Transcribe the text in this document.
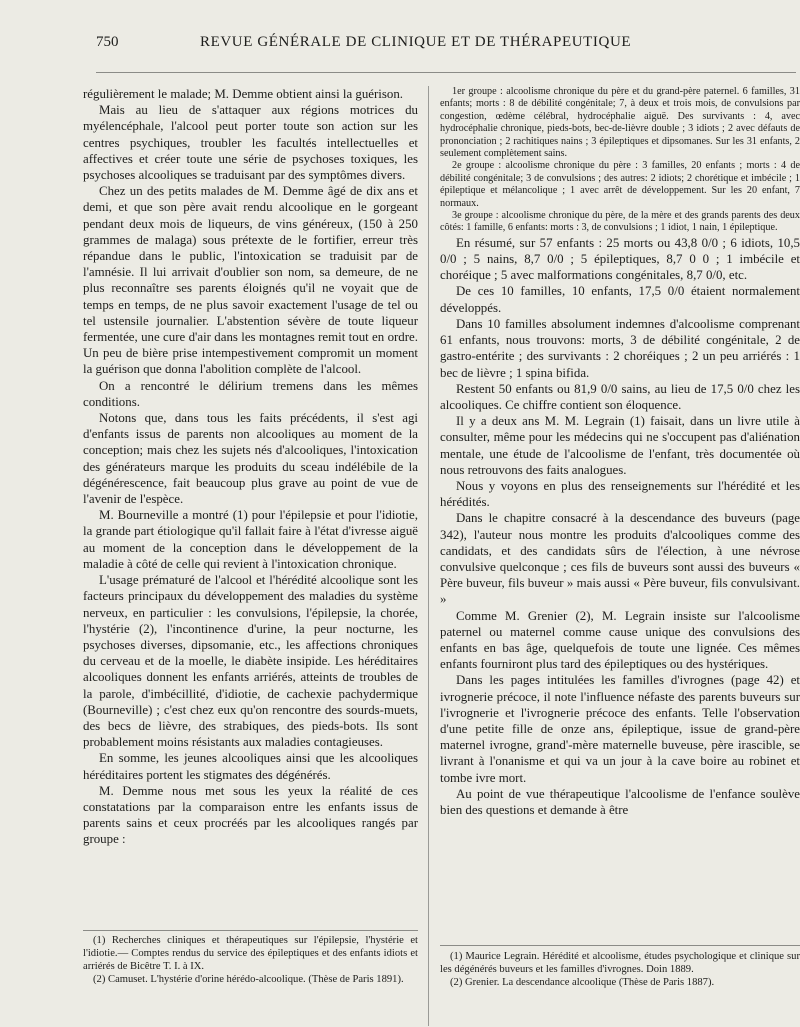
750	REVUE GÉNÉRALE DE CLINIQUE ET DE THÉRAPEUTIQUE

régulièrement le malade; M. Demme obtient ainsi la guérison.

Mais au lieu de s'attaquer aux régions motrices du myélencéphale, l'alcool peut porter toute son action sur les centres psychiques, troubler les facultés intellectuelles et affectives et créer toute une série de psychoses toxiques, les psychoses alcooliques se traduisant par des symptômes divers.

Chez un des petits malades de M. Demme âgé de dix ans et demi, et que son père avait rendu alcoolique en le gorgeant pendant deux mois de liqueurs, de vins généreux, (150 à 250 grammes de malaga) sous prétexte de le fortifier, erreur très répandue dans le public, l'intoxication se traduisit par de l'amnésie. Il lui arrivait d'oublier son nom, sa demeure, de ne plus reconnaître ses parents éloignés qu'il ne voyait que de temps en temps, de ne plus savoir exactement l'usage de tel ou tel ustensile journalier. L'abstention sévère de toute liqueur fermentée, une cure d'air dans les montagnes remit tout en ordre. Un peu de bière prise intempestivement compromit un moment la guérison que donna l'abolition complète de l'alcool.

On a rencontré le délirium tremens dans les mêmes conditions.

Notons que, dans tous les faits précédents, il s'est agi d'enfants issus de parents non alcooliques au moment de la conception; mais chez les sujets nés d'alcooliques, l'intoxication des générateurs marque les produits du sceau indélébile de la dégénérescence, fait beaucoup plus grave au point de vue de l'avenir de l'espèce.

M. Bourneville a montré (1) pour l'épilepsie et pour l'idiotie, la grande part étiologique qu'il fallait faire à l'état d'ivresse aiguë au moment de la conception dans le développement de la maladie à côté de celle qui revient à l'intoxication chronique.

L'usage prématuré de l'alcool et l'hérédité alcoolique sont les facteurs principaux du développement des maladies du système nerveux, en particulier : les convulsions, l'épilepsie, la chorée, l'hystérie (2), l'incontinence d'urine, la peur nocturne, les psychoses diverses, dipsomanie, etc., les affections chroniques du cerveau et de la moelle, le diabète insipide. Les héréditaires alcooliques donnent les enfants arriérés, atteints de troubles de la parole, d'imbécillité, d'idiotie, de cachexie pachydermique (Bourneville) ; c'est chez eux qu'on rencontre des sourds-muets, des becs de lièvre, des strabiques, des pieds-bots. Ils sont probablement moins résistants aux maladies contagieuses.

En somme, les jeunes alcooliques ainsi que les alcooliques héréditaires portent les stigmates des dégénérés.

M. Demme nous met sous les yeux la réalité de ces constatations par la comparaison entre les enfants issus de parents sains et ceux procréés par les alcooliques rangés par groupe :

1er groupe : alcoolisme chronique du père et du grand-père paternel. 6 familles, 31 enfants; morts : 8 de débilité congénitale; 7, à deux et trois mois, de convulsions par congestion, œdème célébral, hydrocéphalie aiguë. Des survivants : 4, avec hydrocéphalie chronique, pieds-bots, bec-de-lièvre double ; 3 idiots ; 2 avec défauts de prononciation ; 2 rachitiques nains ; 3 épileptiques et dipsomanes. Sur les 31 enfants, 2 seulement complètement sains.

2e groupe : alcoolisme chronique du père : 3 familles, 20 enfants ; morts : 4 de débilité congénitale; 3 de convulsions ; des autres: 2 idiots; 2 chorétique et imbécile ; 1 épileptique et mélancolique ; 1 avec arrêt de développement. Sur les 20 enfant, 7 normaux.

3e groupe : alcoolisme chronique du père, de la mère et des grands parents des deux côtés: 1 famille, 6 enfants: morts : 3, de convulsions ; 1 idiot, 1 nain, 1 épileptique.

En résumé, sur 57 enfants : 25 morts ou 43,8 0/0 ; 6 idiots, 10,5 0/0 ; 5 nains, 8,7 0/0 ; 5 épileptiques, 8,7 0 0 ; 1 imbécile et choréique ; 5 avec malformations congénitales, 8,7 0/0, etc.

De ces 10 familles, 10 enfants, 17,5 0/0 étaient normalement développés.

Dans 10 familles absolument indemnes d'alcoolisme comprenant 61 enfants, nous trouvons: morts, 3 de débilité congénitale, 2 de gastro-entérite ; des survivants : 2 choréiques ; 2 un peu arriérés : 1 bec de lièvre ; 1 spina bifida.

Restent 50 enfants ou 81,9 0/0 sains, au lieu de 17,5 0/0 chez les alcooliques. Ce chiffre contient son éloquence.

Il y a deux ans M. M. Legrain (1) faisait, dans un livre utile à consulter, même pour les médecins qui ne s'occupent pas d'aliénation mentale, une étude de l'alcoolisme de l'enfant, très documentée où nous retrouvons des faits analogues.

Nous y voyons en plus des renseignements sur l'hérédité et les hérédités.

Dans le chapitre consacré à la descendance des buveurs (page 342), l'auteur nous montre les produits d'alcooliques comme des candidats, et des candidats sûrs de l'élection, à une névrose convulsive quelconque ; ces fils de buveurs sont aussi des buveurs « Père buveur, fils buveur » mais aussi « Père buveur, fils convulsivant. »

Comme M. Grenier (2), M. Legrain insiste sur l'alcoolisme paternel ou maternel comme cause unique des convulsions des enfants en bas âge, quelquefois de toute une lignée. Ces mêmes enfants fourniront plus tard des épileptiques ou des hystériques.

Dans les pages intitulées les familles d'ivrognes (page 42) et ivrognerie précoce, il note l'influence néfaste des parents buveurs sur l'ivrognerie et l'ivrognerie précoce des enfants. Telle l'observation d'une petite fille de onze ans, épileptique, issue de grand-père maternel ivrogne, grand'-mère maternelle buveuse, père irascible, se livrant à l'onanisme et qui va un jour à la cave boire au robinet et tombe ivre mort.

Au point de vue thérapeutique l'alcoolisme de l'enfance soulève bien des questions et demande à être

(1) Recherches cliniques et thérapeutiques sur l'épilepsie, l'hystérie et l'idiotie.— Comptes rendus du service des épileptiques et des enfants idiots et arriérés de Bicêtre T. I. à IX.

(2) Camuset. L'hystérie d'orine hérédo-alcoolique. (Thèse de Paris 1891).

(1) Maurice Legrain. Hérédité et alcoolisme, études psychologique et clinique sur les dégénérés buveurs et les familles d'ivrognes. Doin 1889.

(2) Grenier. La descendance alcoolique (Thèse de Paris 1887).
